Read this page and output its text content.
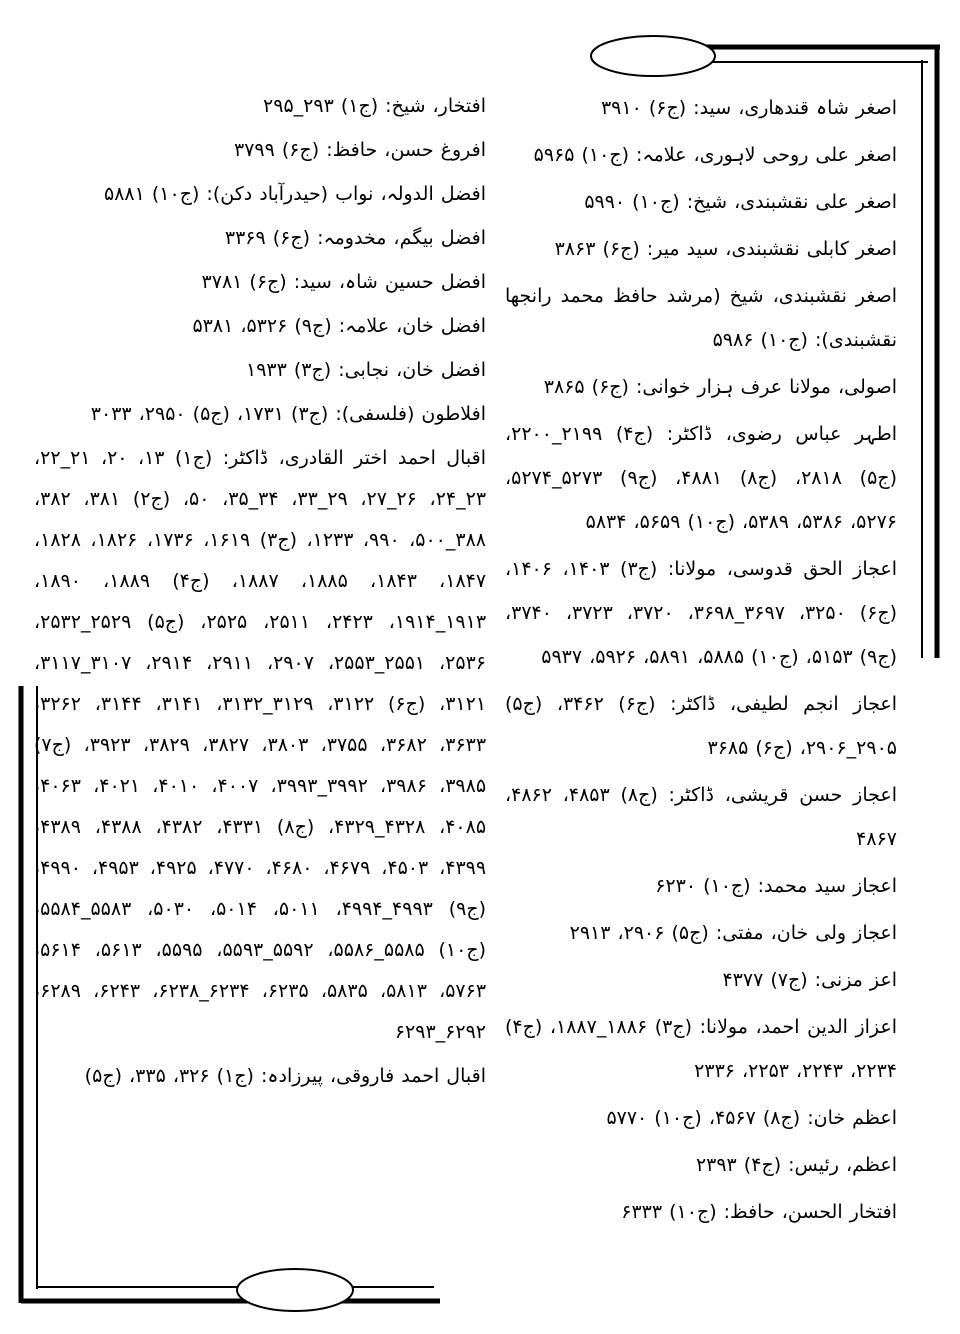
اصغر شاہ قندھاری، سید: (ج۶) ۳۹۱۰
اصغر علی روحی لاہوری، علامہ: (ج۱۰) ۵۹۶۵
اصغر علی نقشبندی، شیخ: (ج۱۰) ۵۹۹۰
اصغر کابلی نقشبندی، سید میر: (ج۶) ۳۸۶۳
اصغر نقشبندی، شیخ (مرشد حافظ محمد رانجھا نقشبندی): (ج۱۰) ۵۹۸۶
اصولی، مولانا عرف ہزار خوانی: (ج۶) ۳۸۶۵
اطہر عباس رضوی، ڈاکٹر: (ج۴) ۲۱۹۹_۲۲۰۰، (ج۵) ۲۸۱۸، (ج۸) ۴۸۸۱، (ج۹) ۵۲۷۳_۵۲۷۴، ۵۲۷۶، ۵۳۸۶، ۵۳۸۹، (ج۱۰) ۵۶۵۹، ۵۸۳۴
اعجاز الحق قدوسی، مولانا: (ج۳) ۱۴۰۳، ۱۴۰۶، (ج۶) ۳۲۵۰، ۳۶۹۷_۳۶۹۸، ۳۷۲۰، ۳۷۲۳، ۳۷۴۰، (ج۹) ۵۱۵۳، (ج۱۰) ۵۸۸۵، ۵۸۹۱، ۵۹۲۶، ۵۹۳۷
اعجاز انجم لطیفی، ڈاکٹر: (ج۶) ۳۴۶۲، (ج۵) ۲۹۰۵_۲۹۰۶، (ج۶) ۳۶۸۵
اعجاز حسن قریشی، ڈاکٹر: (ج۸) ۴۸۵۳، ۴۸۶۲، ۴۸۶۷
اعجاز سید محمد: (ج۱۰) ۶۲۳۰
اعجاز ولی خان، مفتی: (ج۵) ۲۹۰۶، ۲۹۱۳
اعز مزنی: (ج۷) ۴۳۷۷
اعزاز الدین احمد، مولانا: (ج۳) ۱۸۸۶_۱۸۸۷، (ج۴) ۲۲۳۴، ۲۲۴۳، ۲۲۵۳، ۲۳۳۶
اعظم خان: (ج۸) ۴۵۶۷، (ج۱۰) ۵۷۷۰
اعظم، رئیس: (ج۴) ۲۳۹۳
افتخار الحسن، حافظ: (ج۱۰) ۶۳۳۳
افتخار، شیخ: (ج۱) ۲۹۳_۲۹۵
افروغ حسن، حافظ: (ج۶) ۳۷۹۹
افضل الدولہ، نواب (حیدرآباد دکن): (ج۱۰) ۵۸۸۱
افضل بیگم، مخدومہ: (ج۶) ۳۳۶۹
افضل حسین شاہ، سید: (ج۶) ۳۷۸۱
افضل خان، علامہ: (ج۹) ۵۳۲۶، ۵۳۸۱
افضل خان، نجابی: (ج۳) ۱۹۳۳
افلاطون (فلسفی): (ج۳) ۱۷۳۱، (ج۵) ۲۹۵۰، ۳۰۳۳
اقبال احمد اختر القادری، ڈاکٹر: (ج۱) ۱۳، ۲۰، ۲۱_۲۲، ۲۳_۲۴، ۲۶_۲۷، ۲۹_۳۳، ۳۴_۳۵، ۵۰، (ج۲) ۳۸۱، ۳۸۲، ۳۸۸_۵۰۰، ۹۹۰، ۱۲۳۳، (ج۳) ۱۶۱۹، ۱۷۳۶، ۱۸۲۶، ۱۸۲۸، ۱۸۴۷، ۱۸۴۳، ۱۸۸۵، ۱۸۸۷، (ج۴) ۱۸۸۹، ۱۸۹۰، ۱۹۱۳_۱۹۱۴، ۲۴۲۳، ۲۵۱۱، ۲۵۲۵، (ج۵) ۲۵۲۹_۲۵۳۲، ۲۵۳۶، ۲۵۵۱_۲۵۵۳، ۲۹۰۷، ۲۹۱۱، ۲۹۱۴، ۳۱۰۷_۳۱۱۷، ۳۱۲۱، (ج۶) ۳۱۲۲، ۳۱۲۹_۳۱۳۲، ۳۱۴۱، ۳۱۴۴، ۳۲۶۲، ۳۶۳۳، ۳۶۸۲، ۳۷۵۵، ۳۸۰۳، ۳۸۲۷، ۳۸۲۹، ۳۹۲۳، (ج۷) ۳۹۸۵، ۳۹۸۶، ۳۹۹۲_۳۹۹۳، ۴۰۰۷، ۴۰۱۰، ۴۰۲۱، ۴۰۶۳، ۴۰۸۵، ۴۳۲۸_۴۳۲۹، (ج۸) ۴۳۳۱، ۴۳۸۲، ۴۳۸۸، ۴۳۸۹، ۴۳۹۹، ۴۵۰۳، ۴۶۷۹، ۴۶۸۰، ۴۷۷۰، ۴۹۲۵، ۴۹۵۳، ۴۹۹۰، (ج۹) ۴۹۹۳_۴۹۹۴، ۵۰۱۱، ۵۰۱۴، ۵۰۳۰، ۵۵۸۳_۵۵۸۴، (ج۱۰) ۵۵۸۵_۵۵۸۶، ۵۵۹۲_۵۵۹۳، ۵۵۹۵، ۵۶۱۳، ۵۶۱۴، ۵۷۶۳، ۵۸۱۳، ۵۸۳۵، ۶۲۳۵، ۶۲۳۴_۶۲۳۸، ۶۲۴۳، ۶۲۸۹، ۶۲۹۲_۶۲۹۳
اقبال احمد فاروقی، پیرزادہ: (ج۱) ۳۲۶، ۳۳۵، (ج۵)
